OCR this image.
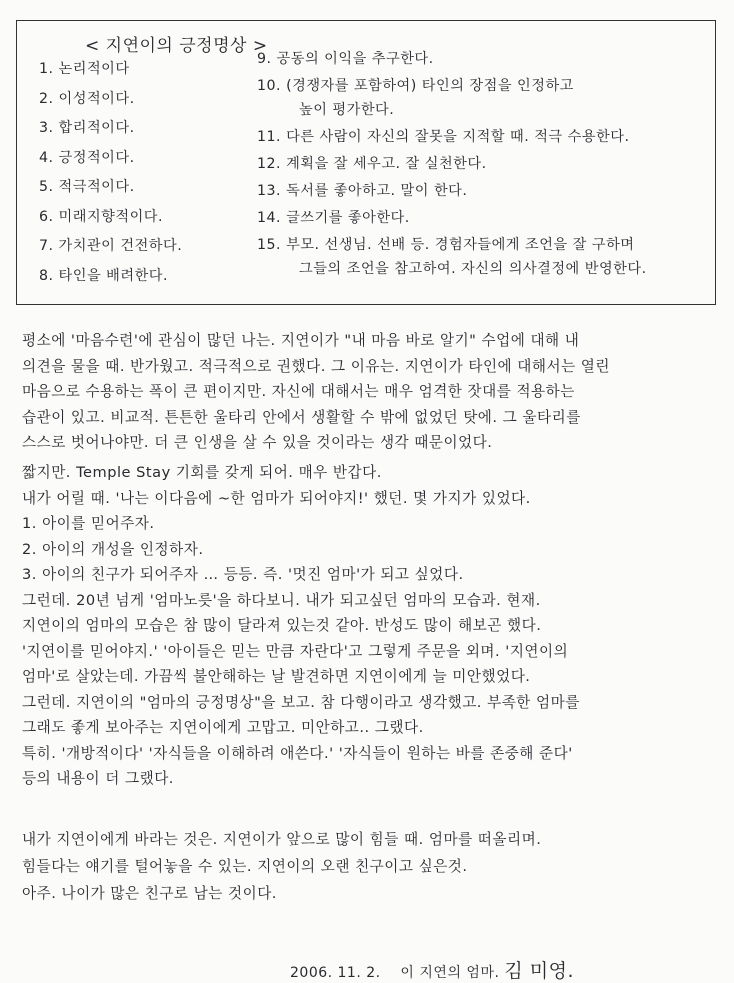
< 지연이의 긍정명상 >
1. 논리적이다
2. 이성적이다.
3. 합리적이다.
4. 긍정적이다.
5. 적극적이다.
6. 미래지향적이다.
7. 가치관이 건전하다.
8. 타인을 배려한다.
9. 공동의 이익을 추구한다.
10. (경쟁자를 포함하여) 타인의 장점을 인정하고
높이 평가한다.
11. 다른 사람이 자신의 잘못을 지적할 때. 적극 수용한다.
12. 계획을 잘 세우고. 잘 실천한다.
13. 독서를 좋아하고. 말이 한다.
14. 글쓰기를 좋아한다.
15. 부모. 선생님. 선배 등. 경험자들에게 조언을 잘 구하며
그들의 조언을 참고하여. 자신의 의사결정에 반영한다.
평소에 '마음수련'에 관심이 많던 나는. 지연이가 "내 마음 바로 알기" 수업에 대해 내
의견을 물을 때. 반가웠고. 적극적으로 권했다. 그 이유는. 지연이가 타인에 대해서는 열린
마음으로 수용하는 폭이 큰 편이지만. 자신에 대해서는 매우 엄격한 잣대를 적용하는
습관이 있고. 비교적. 튼튼한 울타리 안에서 생활할 수 밖에 없었던 탓에. 그 울타리를
스스로 벗어나야만. 더 큰 인생을 살 수 있을 것이라는 생각 때문이었다.
짧지만. Temple Stay 기회를 갖게 되어. 매우 반갑다.
내가 어릴 때. '나는 이다음에 ~한 엄마가 되어야지!' 했던. 몇 가지가 있었다.
1. 아이를 믿어주자.
2. 아이의 개성을 인정하자.
3. 아이의 친구가 되어주자 … 등등. 즉. '멋진 엄마'가 되고 싶었다.
그런데. 20년 넘게 '엄마노릇'을 하다보니. 내가 되고싶던 엄마의 모습과. 현재.
지연이의 엄마의 모습은 참 많이 달라져 있는것 같아. 반성도 많이 해보곤 했다.
'지연이를 믿어야지.' '아이들은 믿는 만큼 자란다'고 그렇게 주문을 외며. '지연이의
엄마'로 살았는데. 가끔씩 불안해하는 날 발견하면 지연이에게 늘 미안했었다.
그런데. 지연이의 "엄마의 긍정명상"을 보고. 참 다행이라고 생각했고. 부족한 엄마를
그래도 좋게 보아주는 지연이에게 고맙고. 미안하고.. 그랬다.
특히. '개방적이다' '자식들을 이해하려 애쓴다.' '자식들이 원하는 바를 존중해 준다'
등의 내용이 더 그랬다.
내가 지연이에게 바라는 것은. 지연이가 앞으로 많이 힘들 때. 엄마를 떠올리며.
힘들다는 얘기를 털어놓을 수 있는. 지연이의 오랜 친구이고 싶은것.
아주. 나이가 많은 친구로 남는 것이다.
2006. 11. 2. 이 지연의 엄마. 김 미영.
